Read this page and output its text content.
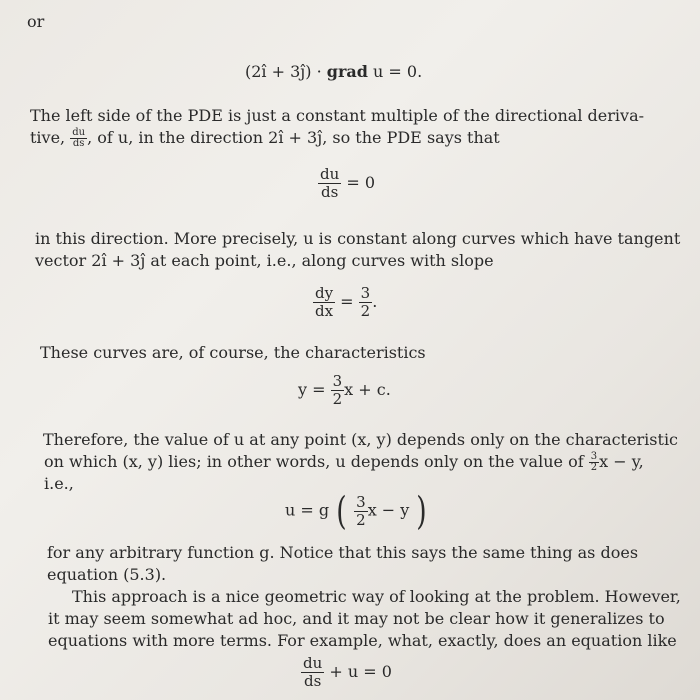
or
(2ı̂ + 3ȷ̂) · grad u = 0.
The left side of the PDE is just a constant multiple of the directional deriva-
tive, $\frac{du}{ds}$ , of u, in the direction 2ı̂ + 3ȷ̂, so the PDE says that
$\frac{du}{ds} = 0$
in this direction. More precisely, u is constant along curves which have tangent
vector 2ı̂ + 3ȷ̂ at each point, i.e., along curves with slope
$\frac{dy}{dx} = \frac{3}{2}$ .
These curves are, of course, the characteristics
$y = \frac{3}{2}$ x + c.
Therefore, the value of u at any point (x, y) depends only on the characteristic
on which (x, y) lies; in other words, u depends only on the value of $\frac{3}{2}$ x − y,
i.e.,
u = g ( $\frac{3}{2}$ x − y )
for any arbitrary function g. Notice that this says the same thing as does
equation (5.3).
This approach is a nice geometric way of looking at the problem. However,
it may seem somewhat ad hoc, and it may not be clear how it generalizes to
equations with more terms. For example, what, exactly, does an equation like
$\frac{du}{ds} + u = 0$
